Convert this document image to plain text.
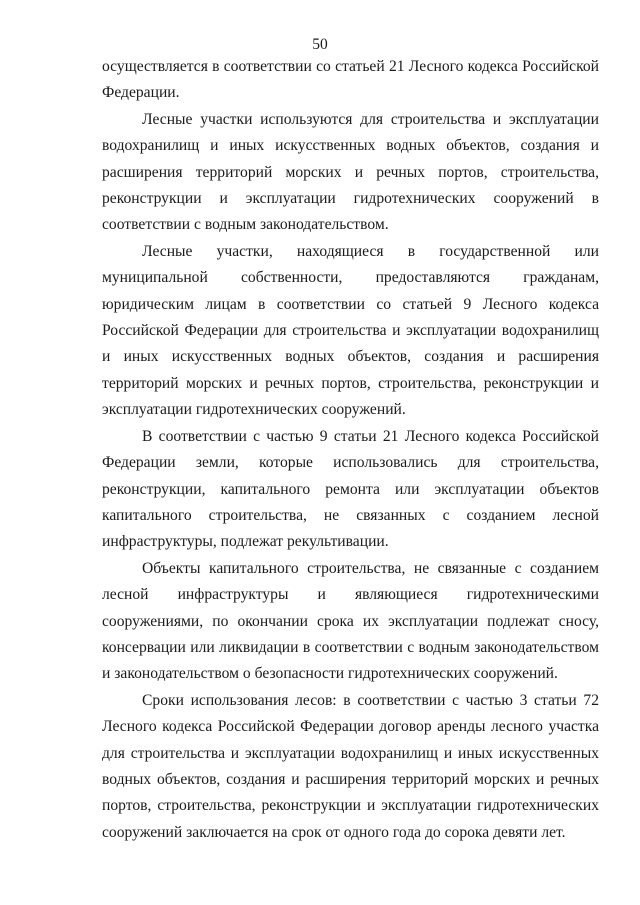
50

осуществляется в соответствии со статьей 21 Лесного кодекса Российской Федерации.

Лесные участки используются для строительства и эксплуатации водохранилищ и иных искусственных водных объектов, создания и расширения территорий морских и речных портов, строительства, реконструкции и эксплуатации гидротехнических сооружений в соответствии с водным законодательством.

Лесные участки, находящиеся в государственной или муниципальной собственности, предоставляются гражданам, юридическим лицам в соответствии со статьей 9 Лесного кодекса Российской Федерации для строительства и эксплуатации водохранилищ и иных искусственных водных объектов, создания и расширения территорий морских и речных портов, строительства, реконструкции и эксплуатации гидротехнических сооружений.

В соответствии с частью 9 статьи 21 Лесного кодекса Российской Федерации земли, которые использовались для строительства, реконструкции, капитального ремонта или эксплуатации объектов капитального строительства, не связанных с созданием лесной инфраструктуры, подлежат рекультивации.

Объекты капитального строительства, не связанные с созданием лесной инфраструктуры и являющиеся гидротехническими сооружениями, по окончании срока их эксплуатации подлежат сносу, консервации или ликвидации в соответствии с водным законодательством и законодательством о безопасности гидротехнических сооружений.

Сроки использования лесов: в соответствии с частью 3 статьи 72 Лесного кодекса Российской Федерации договор аренды лесного участка для строительства и эксплуатации водохранилищ и иных искусственных водных объектов, создания и расширения территорий морских и речных портов, строительства, реконструкции и эксплуатации гидротехнических сооружений заключается на срок от одного года до сорока девяти лет.
